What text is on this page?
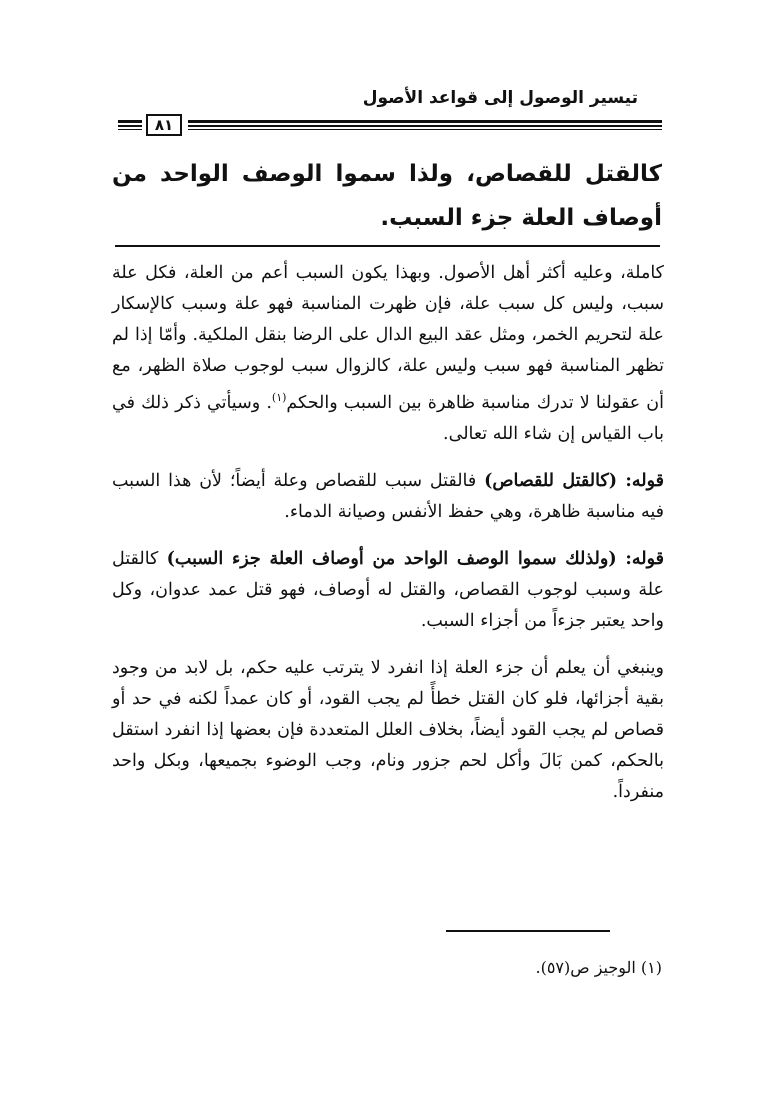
تيسير الوصول إلى قواعد الأصول
٨١
كالقتل للقصاص، ولذا سموا الوصف الواحد من أوصاف العلة جزء السبب.

كاملة، وعليه أكثر أهل الأصول. وبهذا يكون السبب أعم من العلة، فكل علة سبب، وليس كل سبب علة، فإن ظهرت المناسبة فهو علة وسبب كالإسكار علة لتحريم الخمر، ومثل عقد البيع الدال على الرضا بنقل الملكية. وأمّا إذا لم تظهر المناسبة فهو سبب وليس علة، كالزوال سبب لوجوب صلاة الظهر، مع أن عقولنا لا تدرك مناسبة ظاهرة بين السبب والحكم$^{(١)}$. وسيأتي ذكر ذلك في باب القياس إن شاء الله تعالى.

قوله: (كالقتل للقصاص) فالقتل سبب للقصاص وعلة أيضاً؛ لأن هذا السبب فيه مناسبة ظاهرة، وهي حفظ الأنفس وصيانة الدماء.

قوله: (ولذلك سموا الوصف الواحد من أوصاف العلة جزء السبب) كالقتل علة وسبب لوجوب القصاص، والقتل له أوصاف، فهو قتل عمد عدوان، وكل واحد يعتبر جزءاً من أجزاء السبب.

وينبغي أن يعلم أن جزء العلة إذا انفرد لا يترتب عليه حكم، بل لابد من وجود بقية أجزائها، فلو كان القتل خطأً لم يجب القود، أو كان عمداً لكنه في حد أو قصاص لم يجب القود أيضاً، بخلاف العلل المتعددة فإن بعضها إذا انفرد استقل بالحكم، كمن بَالَ وأكل لحم جزور ونام، وجب الوضوء بجميعها، وبكل واحد منفرداً.

(١) الوجيز ص(٥٧).
